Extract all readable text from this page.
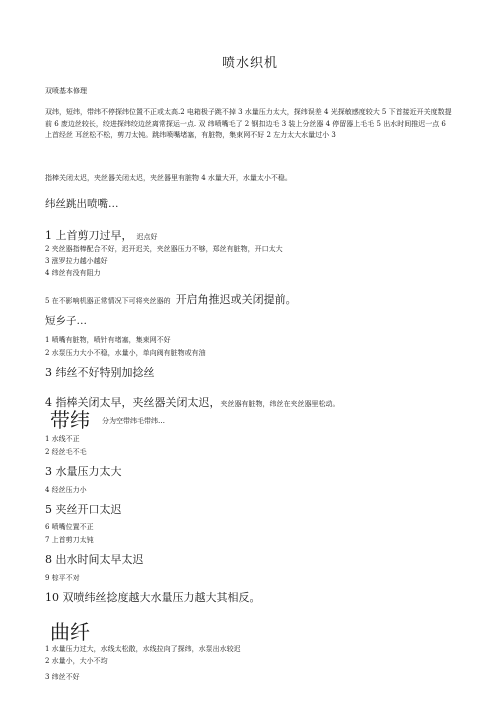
喷水织机
双喷基本修理
双纬，短纬，带纬不停探纬位置不正或太高.2 电箱极子跳不掉 3 水量压力太大，探纬误差 4 光探敏感度较大 5 下首接近开关度数提前 6 废边丝较长，绞进探纬绞边丝离常探运一点. 双 纬喷嘴毛了 2 钢扣边毛 3 装上分丝器 4 停留器上毛毛 5 出水时间推迟一点 6 上首经丝 耳丝松不松，剪刀太钝。跳纬喷嘴堵塞，有脏物，集束网不好 2 左力太大水量过小 3
指棒关闭太迟，夹丝器关闭太迟，夹丝器里有脏物 4 水量大开，水量太小不稳。
纬丝跳出喷嘴…
1 上首剪刀过早， 迟点好
2 夹丝器指棒配合不好，迟开迟关，夹丝器压力不够，郑丝有脏物，开口太大
3 涨罗拉力越小越好
4 纬丝有没有阻力
5 在不影响机器正常情况下可将夹丝器的 开启角推迟或关闭提前。
短乡子…
1 喷嘴有脏物，喷针有堵塞，集束网不好
2 水泵压力大小不稳，水量小，单向阀有脏物或有油
3 纬丝不好特别加捻丝
4 指棒关闭太早，夹丝器关闭太迟，夹丝器有脏物，纬丝在夹丝器里松动。
带纬 $^{分为空带纬毛带纬\dots}$
1 水线不正
2 经丝毛不毛
3 水量压力太大
4 经丝压力小
5 夹丝开口太迟
6 喷嘴位置不正
7 上首剪刀太钝
8 出水时间太早太迟
9 棕平不对
10 双喷纬丝捻度越大水量压力越大其相反。
曲纤
1 水量压力过大，水线太松散，水线拉向了探纬，水泵出水较迟
2 水量小，大小不均
3 纬丝不好
